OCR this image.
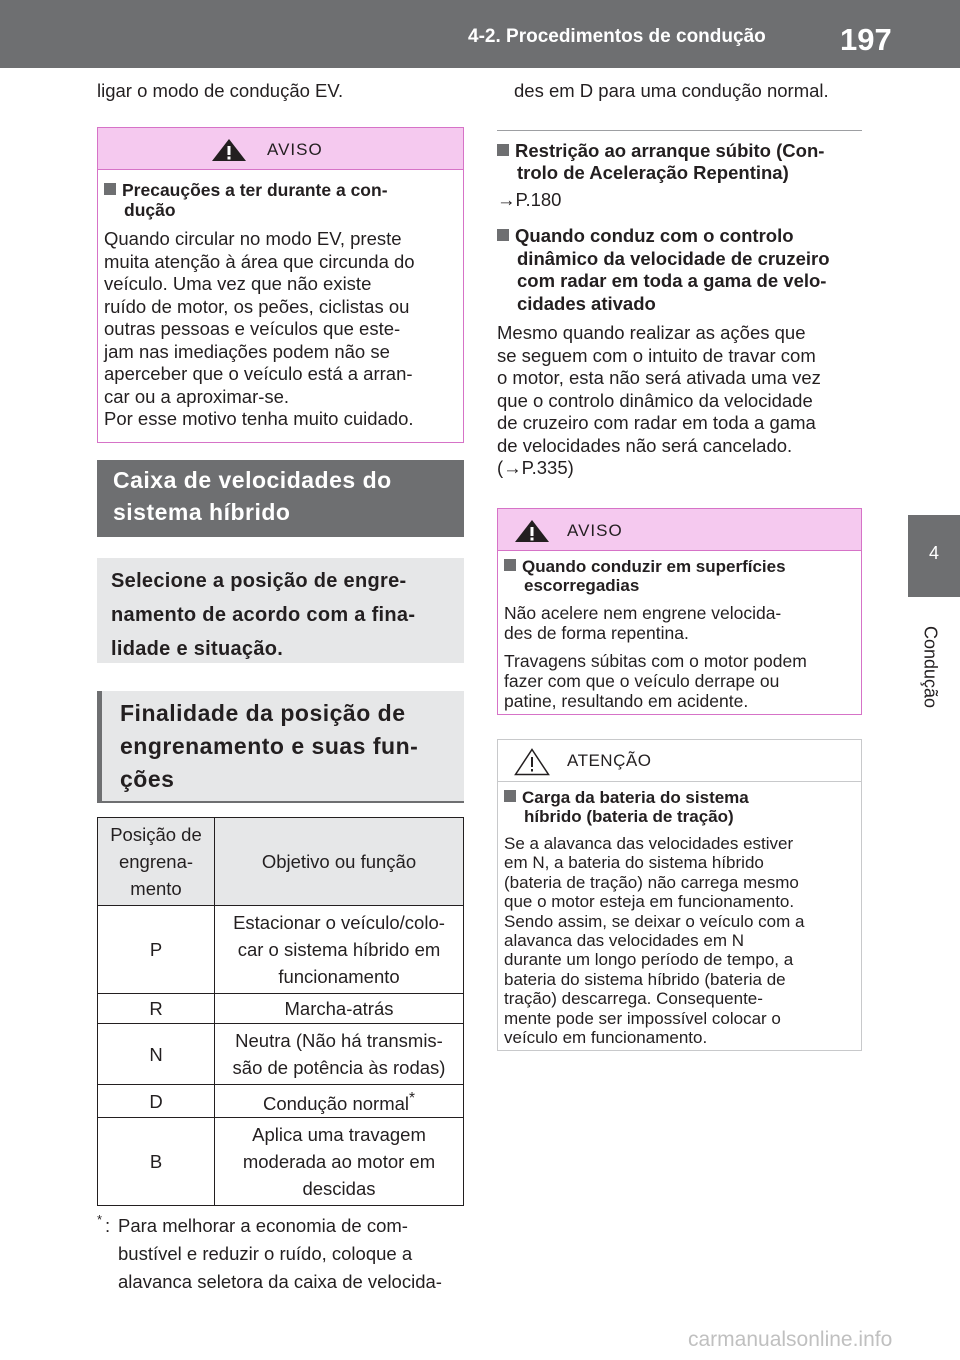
4-2. Procedimentos de condução 197
4
Condução
ligar o modo de condução EV.
AVISO
Precauções a ter durante a con-
dução
Quando circular no modo EV, preste
muita atenção à área que circunda do
veículo. Uma vez que não existe
ruído de motor, os peões, ciclistas ou
outras pessoas e veículos que este-
jam nas imediações podem não se
aperceber que o veículo está a arran-
car ou a aproximar-se.
Por esse motivo tenha muito cuidado.
Caixa de velocidades do
sistema híbrido
Selecione a posição de engre-
namento de acordo com a fina-
lidade e situação.
Finalidade da posição de
engrenamento e suas fun-
ções
Posição de
engrena-
mento	Objetivo ou função

P	Estacionar o veículo/colo-
car o sistema híbrido em
funcionamento

R	Marcha-atrás

N	Neutra (Não há transmis-
são de potência às rodas)

D	Condução normal*
B	Aplica uma travagem
moderada ao motor em
descidas
* : Para melhorar a economia de com-
bustível e reduzir o ruído, coloque a
alavanca seletora da caixa de velocida-
des em D para uma condução normal.
Restrição ao arranque súbito (Con-
trolo de Aceleração Repentina)
→P.180
Quando conduz com o controlo
dinâmico da velocidade de cruzeiro
com radar em toda a gama de velo-
cidades ativado
Mesmo quando realizar as ações que
se seguem com o intuito de travar com
o motor, esta não será ativada uma vez
que o controlo dinâmico da velocidade
de cruzeiro com radar em toda a gama
de velocidades não será cancelado.
(→P.335)
AVISO
Quando conduzir em superfícies
escorregadias
Não acelere nem engrene velocida-
des de forma repentina.
Travagens súbitas com o motor podem
fazer com que o veículo derrape ou
patine, resultando em acidente.
ATENÇÃO
Carga da bateria do sistema
híbrido (bateria de tração)
Se a alavanca das velocidades estiver
em N, a bateria do sistema híbrido
(bateria de tração) não carrega mesmo
que o motor esteja em funcionamento.
Sendo assim, se deixar o veículo com a
alavanca das velocidades em N
durante um longo período de tempo, a
bateria do sistema híbrido (bateria de
tração) descarrega. Consequente-
mente pode ser impossível colocar o
veículo em funcionamento.
carmanualsonline.info
